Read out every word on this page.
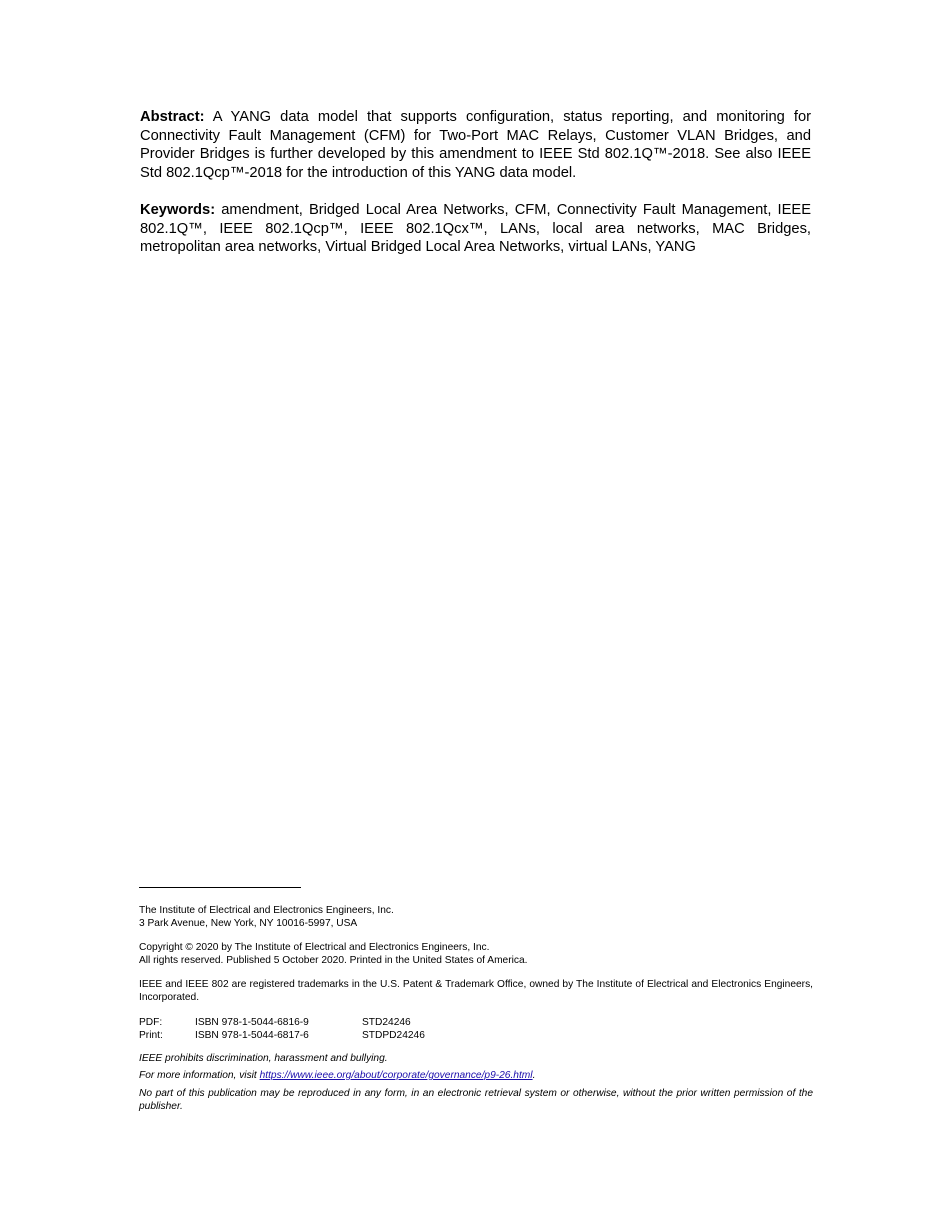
Abstract: A YANG data model that supports configuration, status reporting, and monitoring for Connectivity Fault Management (CFM) for Two-Port MAC Relays, Customer VLAN Bridges, and Provider Bridges is further developed by this amendment to IEEE Std 802.1Q™-2018. See also IEEE Std 802.1Qcp™-2018 for the introduction of this YANG data model.

Keywords: amendment, Bridged Local Area Networks, CFM, Connectivity Fault Management, IEEE 802.1Q™, IEEE 802.1Qcp™, IEEE 802.1Qcx™, LANs, local area networks, MAC Bridges, metropolitan area networks, Virtual Bridged Local Area Networks, virtual LANs, YANG

The Institute of Electrical and Electronics Engineers, Inc.
3 Park Avenue, New York, NY 10016-5997, USA
Copyright © 2020 by The Institute of Electrical and Electronics Engineers, Inc.
All rights reserved. Published 5 October 2020. Printed in the United States of America.

IEEE and IEEE 802 are registered trademarks in the U.S. Patent & Trademark Office, owned by The Institute of Electrical and Electronics Engineers, Incorporated.

PDF:	ISBN 978-1-5044-6816-9	STD24246
Print:	ISBN 978-1-5044-6817-6	STDPD24246

IEEE prohibits discrimination, harassment and bullying.

For more information, visit https://www.ieee.org/about/corporate/governance/p9-26.html.

No part of this publication may be reproduced in any form, in an electronic retrieval system or otherwise, without the prior written permission of the publisher.
